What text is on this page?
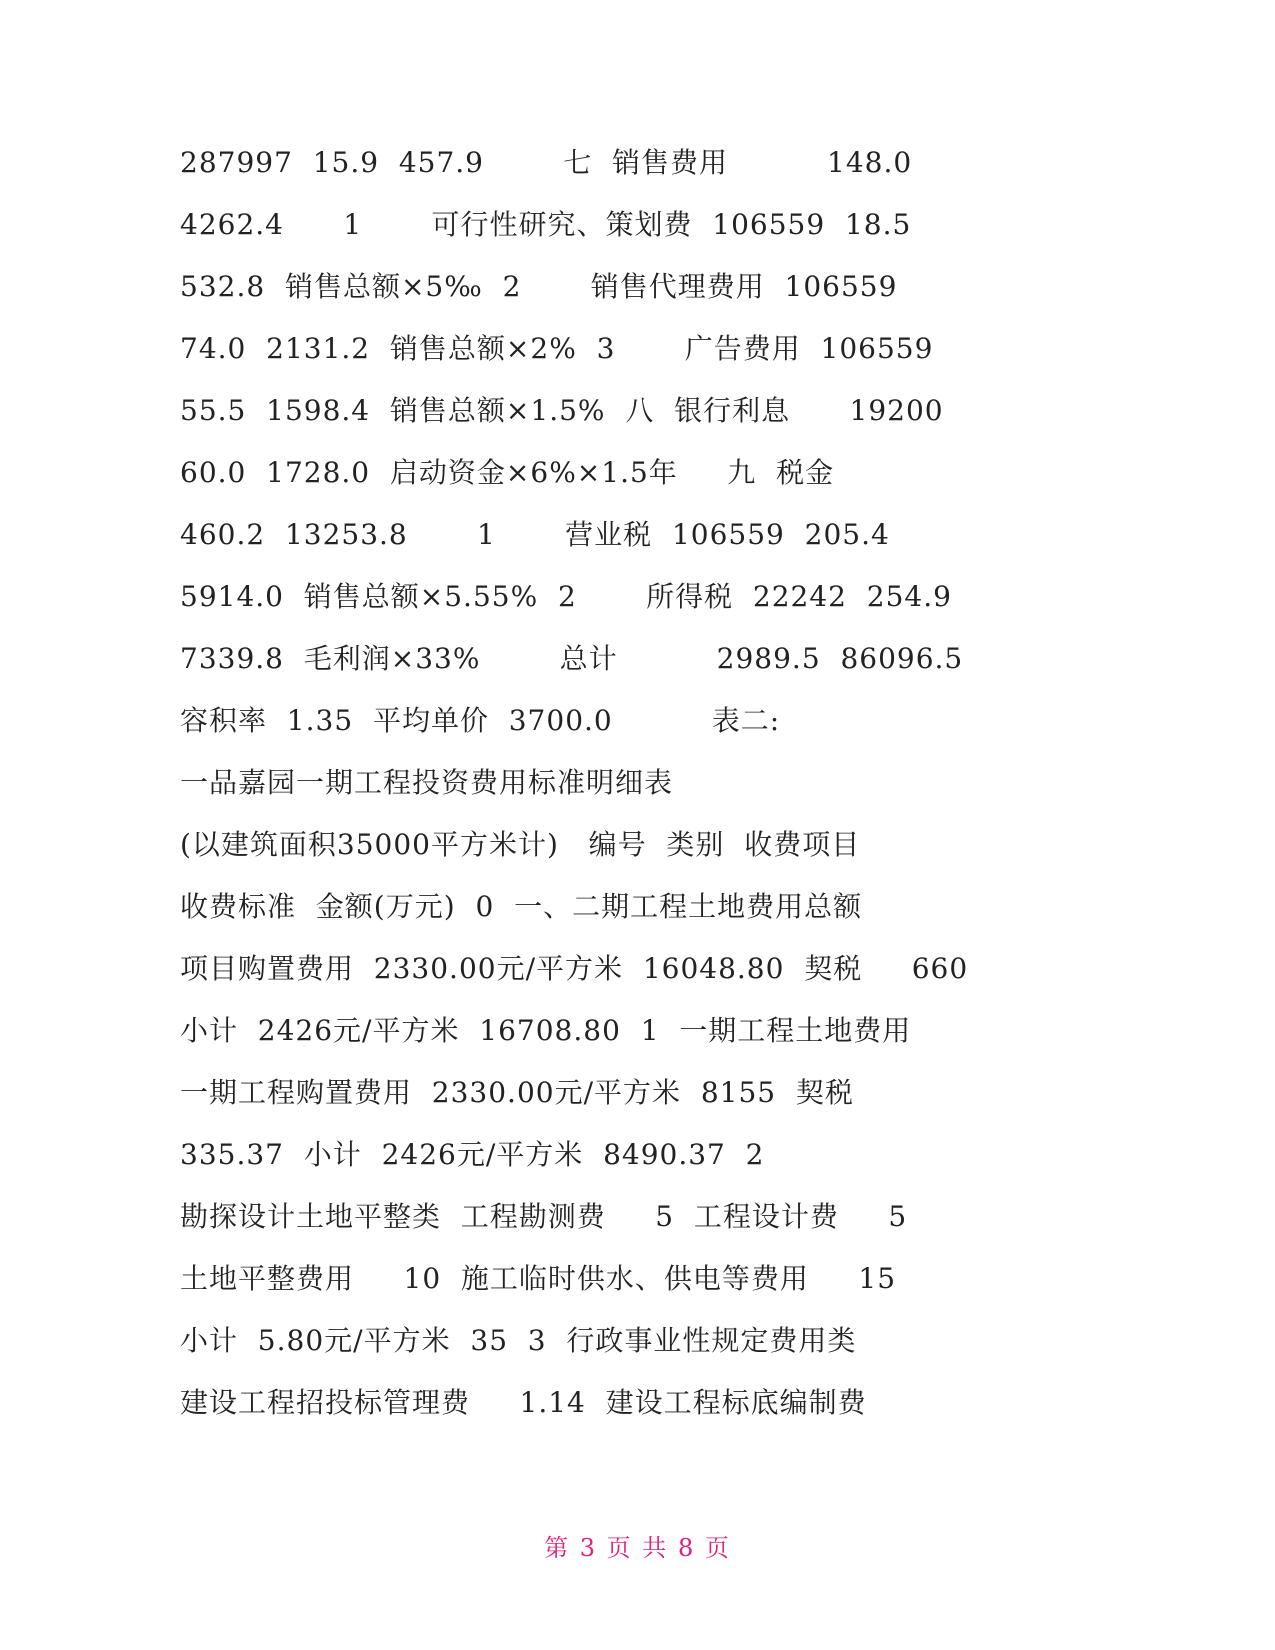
287997  15.9  457.9        七  销售费用          148.0
4262.4      1       可行性研究、策划费  106559  18.5
532.8  销售总额×5‰  2       销售代理费用  106559
74.0  2131.2  销售总额×2%  3       广告费用  106559
55.5  1598.4  销售总额×1.5%  八  银行利息      19200
60.0  1728.0  启动资金×6%×1.5年     九  税金
460.2  13253.8       1       营业税  106559  205.4
5914.0  销售总额×5.55%  2       所得税  22242  254.9
7339.8  毛利润×33%        总计          2989.5  86096.5
容积率  1.35  平均单价  3700.0          表二:
一品嘉园一期工程投资费用标准明细表
(以建筑面积35000平方米计)   编号  类别  收费项目
收费标准  金额(万元)  0  一、二期工程土地费用总额
项目购置费用  2330.00元/平方米  16048.80  契税     660
小计  2426元/平方米  16708.80  1  一期工程土地费用
一期工程购置费用  2330.00元/平方米  8155  契税
335.37  小计  2426元/平方米  8490.37  2
勘探设计土地平整类  工程勘测费     5  工程设计费     5
土地平整费用     10  施工临时供水、供电等费用     15
小计  5.80元/平方米  35  3  行政事业性规定费用类
建设工程招投标管理费     1.14  建设工程标底编制费
第 3 页 共 8 页
